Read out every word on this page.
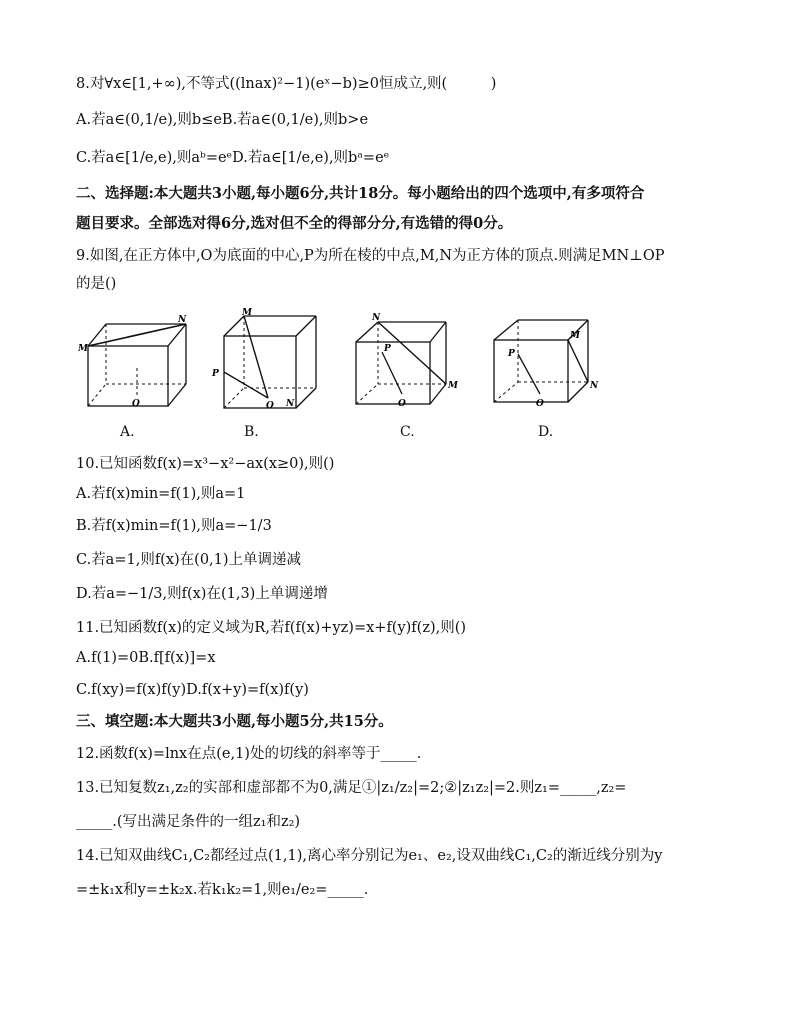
8.对∀x∈[1,+∞),不等式((lnax)²−1)(eˣ−b)≥0恒成立,则(　　　)
A.若a∈(0,1/e),则b≤eB.若a∈(0,1/e),则b>e
C.若a∈[1/e,e),则aᵇ=eᵉD.若a∈[1/e,e),则bᵃ=eᵉ
二、选择题:本大题共3小题,每小题6分,共计18分。每小题给出的四个选项中,有多项符合
题目要求。全部选对得6分,选对但不全的得部分分,有选错的得0分。
9.如图,在正方体中,O为底面的中心,P为所在棱的中点,M,N为正方体的顶点.则满足MN⊥OP
的是()
M
N
O
A.
M
P
N
O
B.
N
P
M
O
C.
P
M
N
O
D.
10.已知函数f(x)=x³−x²−ax(x≥0),则()
A.若f(x)min=f(1),则a=1
B.若f(x)min=f(1),则a=−1/3
C.若a=1,则f(x)在(0,1)上单调递减
D.若a=−1/3,则f(x)在(1,3)上单调递增
11.已知函数f(x)的定义域为R,若f(f(x)+yz)=x+f(y)f(z),则()
A.f(1)=0B.f[f(x)]=x
C.f(xy)=f(x)f(y)D.f(x+y)=f(x)f(y)
三、填空题:本大题共3小题,每小题5分,共15分。
12.函数f(x)=lnx在点(e,1)处的切线的斜率等于_____.
13.已知复数z₁,z₂的实部和虚部都不为0,满足①|z₁/z₂|=2;②|z₁z₂|=2.则z₁=_____,z₂=
_____.(写出满足条件的一组z₁和z₂)
14.已知双曲线C₁,C₂都经过点(1,1),离心率分别记为e₁、e₂,设双曲线C₁,C₂的渐近线分别为y
=±k₁x和y=±k₂x.若k₁k₂=1,则e₁/e₂=_____.
